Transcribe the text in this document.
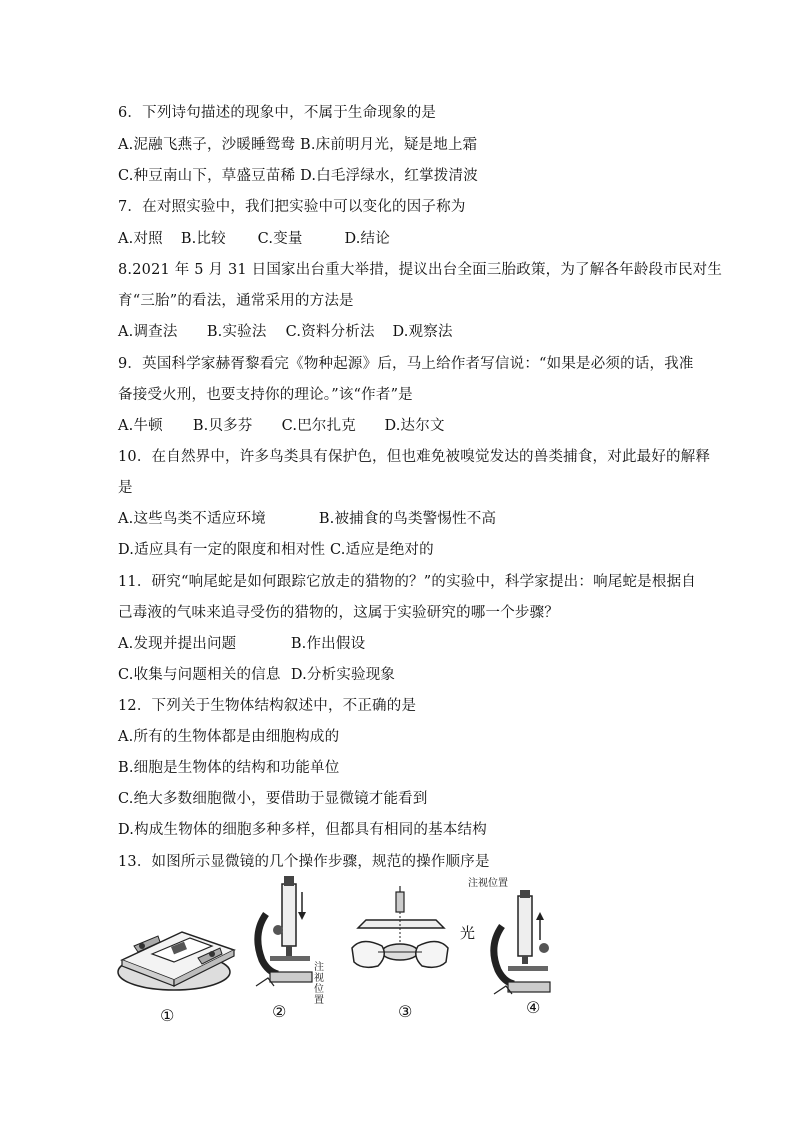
6．下列诗句描述的现象中，不属于生命现象的是
A.泥融飞燕子，沙暖睡鸳鸯 B.床前明月光，疑是地上霜
C.种豆南山下，草盛豆苗稀 D.白毛浮绿水，红掌拨清波
7．在对照实验中，我们把实验中可以变化的因子称为
A.对照 B.比较 C.变量	D.结论
8.2021 年 5 月 31 日国家出台重大举措，提议出台全面三胎政策，为了解各年龄段市民对生
育“三胎”的看法，通常采用的方法是
A.调查法 B.实验法 C.资料分析法 D.观察法
9．英国科学家赫胥黎看完《物种起源》后，马上给作者写信说：“如果是必须的话，我准
备接受火刑，也要支持你的理论。”该“作者”是
A.牛顿 B.贝多芬 C.巴尔扎克 D.达尔文
10．在自然界中，许多鸟类具有保护色，但也难免被嗅觉发达的兽类捕食，对此最好的解释
是
A.这些鸟类不适应环境	B.被捕食的鸟类警惕性不高
D.适应具有一定的限度和相对性 C.适应是绝对的
11．研究“响尾蛇是如何跟踪它放走的猎物的？”的实验中，科学家提出：响尾蛇是根据自
己毒液的气味来追寻受伤的猎物的，这属于实验研究的哪一个步骤？
A.发现并提出问题	B.作出假设
C.收集与问题相关的信息 D.分析实验现象
12．下列关于生物体结构叙述中，不正确的是
A.所有的生物体都是由细胞构成的
B.细胞是生物体的结构和功能单位
C.绝大多数细胞微小，要借助于显微镜才能看到
D.构成生物体的细胞多种多样，但都具有相同的基本结构
13．如图所示显微镜的几个操作步骤，规范的操作顺序是
①
注视
位置
②
光
③
注视位置
④
